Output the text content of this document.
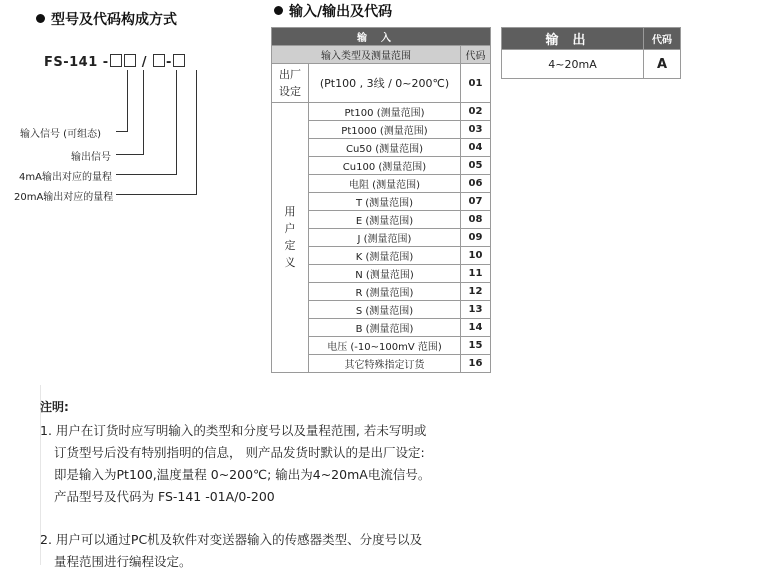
型号及代码构成方式
FS-141 -	/ -
输入信号 (可组态)
输出信号
4mA输出对应的量程
20mA输出对应的量程
输入/输出及代码
输入		
输入类型及测量范围		代码
出厂设定	(Pt100 , 3线 / 0~200℃)	01
用户定义	Pt100 (测量范围)	02
	Pt1000 (测量范围)	03
	Cu50 (测量范围)	04
	Cu100 (测量范围)	05
	电阻 (测量范围)	06
	T (测量范围)	07
	E (测量范围)	08
	J (测量范围)	09
	K (测量范围)	10
	N (测量范围)	11
	R (测量范围)	12
	S (测量范围)	13
	B (测量范围)	14
	电压 (-10~100mV 范围)	15
	其它特殊指定订货	16
输出	代码
4~20mA	A
注明:
1. 用户在订货时应写明输入的类型和分度号以及量程范围, 若未写明或
订货型号后没有特别指明的信息， 则产品发货时默认的是出厂设定:
即是输入为Pt100,温度量程 0~200℃; 输出为4~20mA电流信号。
产品型号及代码为 FS-141 -01A/0-200
2. 用户可以通过PC机及软件对变送器输入的传感器类型、分度号以及
量程范围进行编程设定。
